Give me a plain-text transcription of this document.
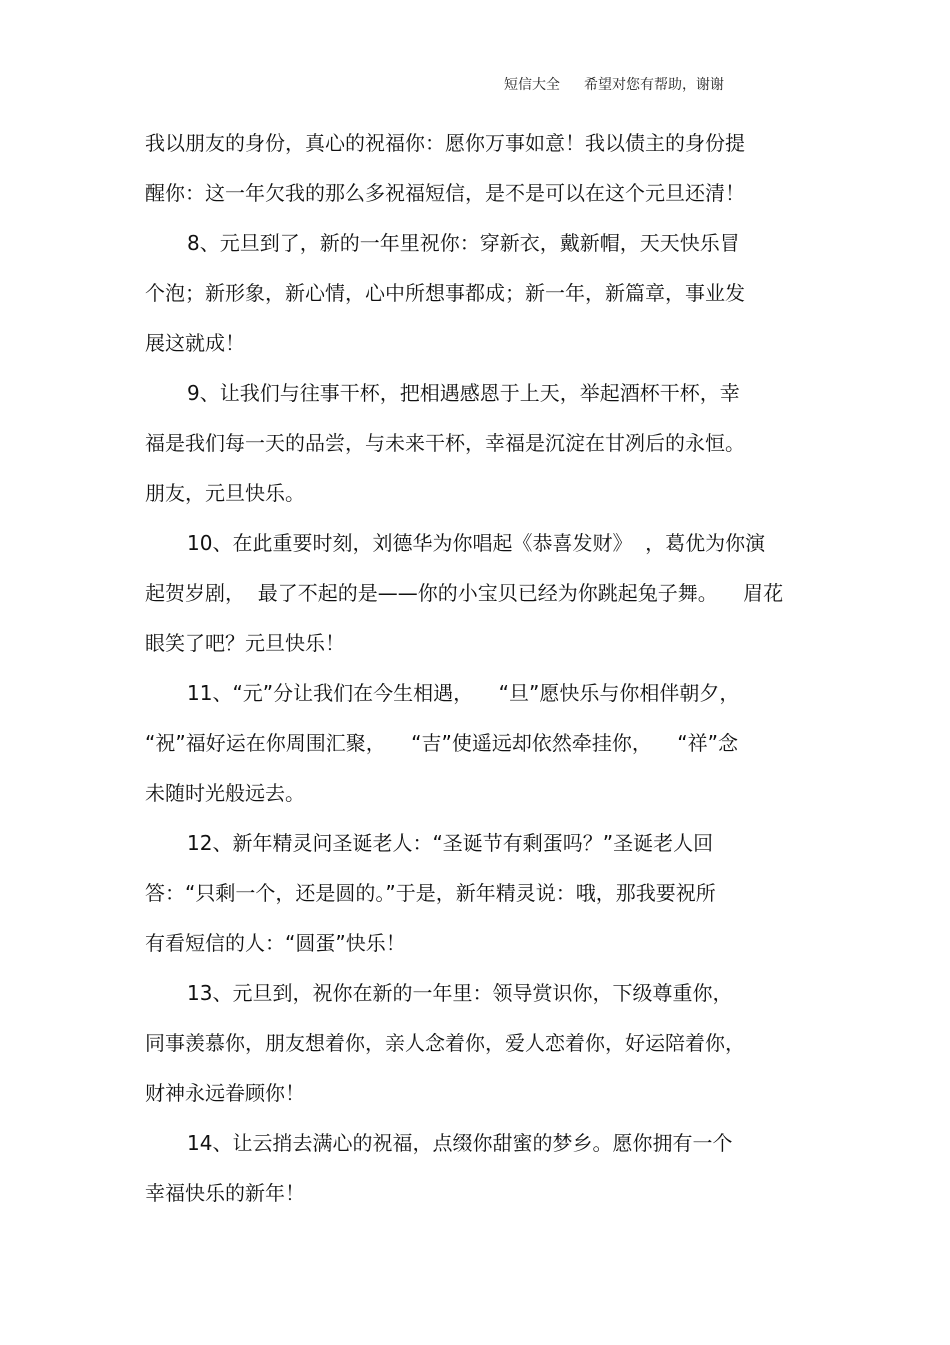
短信大全 希望对您有帮助，谢谢
我以朋友的身份，真心的祝福你：愿你万事如意！我以债主的身份提
醒你：这一年欠我的那么多祝福短信，是不是可以在这个元旦还清！
8、元旦到了，新的一年里祝你：穿新衣，戴新帽，天天快乐冒
个泡；新形象，新心情，心中所想事都成；新一年，新篇章，事业发
展这就成！
9、让我们与往事干杯，把相遇感恩于上天，举起酒杯干杯，幸
福是我们每一天的品尝，与未来干杯，幸福是沉淀在甘冽后的永恒。
朋友，元旦快乐。
10、在此重要时刻，刘德华为你唱起《恭喜发财》  ，葛优为你演
起贺岁剧，  最了不起的是——你的小宝贝已经为你跳起兔子舞。    眉花
眼笑了吧？元旦快乐！
11、“元”分让我们在今生相遇，    “旦”愿快乐与你相伴朝夕，
“祝”福好运在你周围汇聚，    “吉”使遥远却依然牵挂你，    “祥”念
未随时光般远去。
12、新年精灵问圣诞老人：“圣诞节有剩蛋吗？”圣诞老人回
答：“只剩一个，还是圆的。”于是，新年精灵说：哦，那我要祝所
有看短信的人：“圆蛋”快乐！
13、元旦到，祝你在新的一年里：领导赏识你，下级尊重你，
同事羡慕你，朋友想着你，亲人念着你，爱人恋着你，好运陪着你，
财神永远眷顾你！
14、让云捎去满心的祝福，点缀你甜蜜的梦乡。愿你拥有一个
幸福快乐的新年！
